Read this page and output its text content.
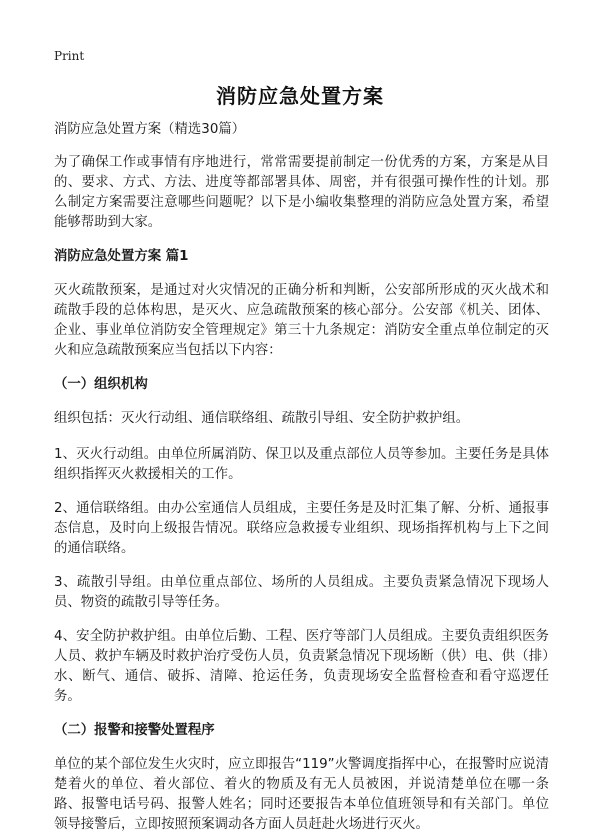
Print
消防应急处置方案

消防应急处置方案（精选30篇）

为了确保工作或事情有序地进行，常常需要提前制定一份优秀的方案，方案是从目的、要求、方式、方法、进度等都部署具体、周密，并有很强可操作性的计划。那么制定方案需要注意哪些问题呢？以下是小编收集整理的消防应急处置方案，希望能够帮助到大家。

消防应急处置方案 篇1

灭火疏散预案，是通过对火灾情况的正确分析和判断，公安部所形成的灭火战术和疏散手段的总体构思，是灭火、应急疏散预案的核心部分。公安部《机关、团体、企业、事业单位消防安全管理规定》第三十九条规定：消防安全重点单位制定的灭火和应急疏散预案应当包括以下内容：

（一）组织机构

组织包括：灭火行动组、通信联络组、疏散引导组、安全防护救护组。

1、灭火行动组。由单位所属消防、保卫以及重点部位人员等参加。主要任务是具体组织指挥灭火救援相关的工作。

2、通信联络组。由办公室通信人员组成，主要任务是及时汇集了解、分析、通报事态信息，及时向上级报告情况。联络应急救援专业组织、现场指挥机构与上下之间的通信联络。

3、疏散引导组。由单位重点部位、场所的人员组成。主要负责紧急情况下现场人员、物资的疏散引导等任务。

4、安全防护救护组。由单位后勤、工程、医疗等部门人员组成。主要负责组织医务人员、救护车辆及时救护治疗受伤人员，负责紧急情况下现场断（供）电、供（排）水、断气、通信、破拆、清障、抢运任务，负责现场安全监督检查和看守巡逻任务。

（二）报警和接警处置程序

单位的某个部位发生火灾时，应立即报告“119”火警调度指挥中心，在报警时应说清楚着火的单位、着火部位、着火的物质及有无人员被困，并说清楚单位在哪一条路、报警电话号码、报警人姓名；同时还要报告本单位值班领导和有关部门。单位领导接警后，立即按照预案调动各方面人员赶赴火场进行灭火。
